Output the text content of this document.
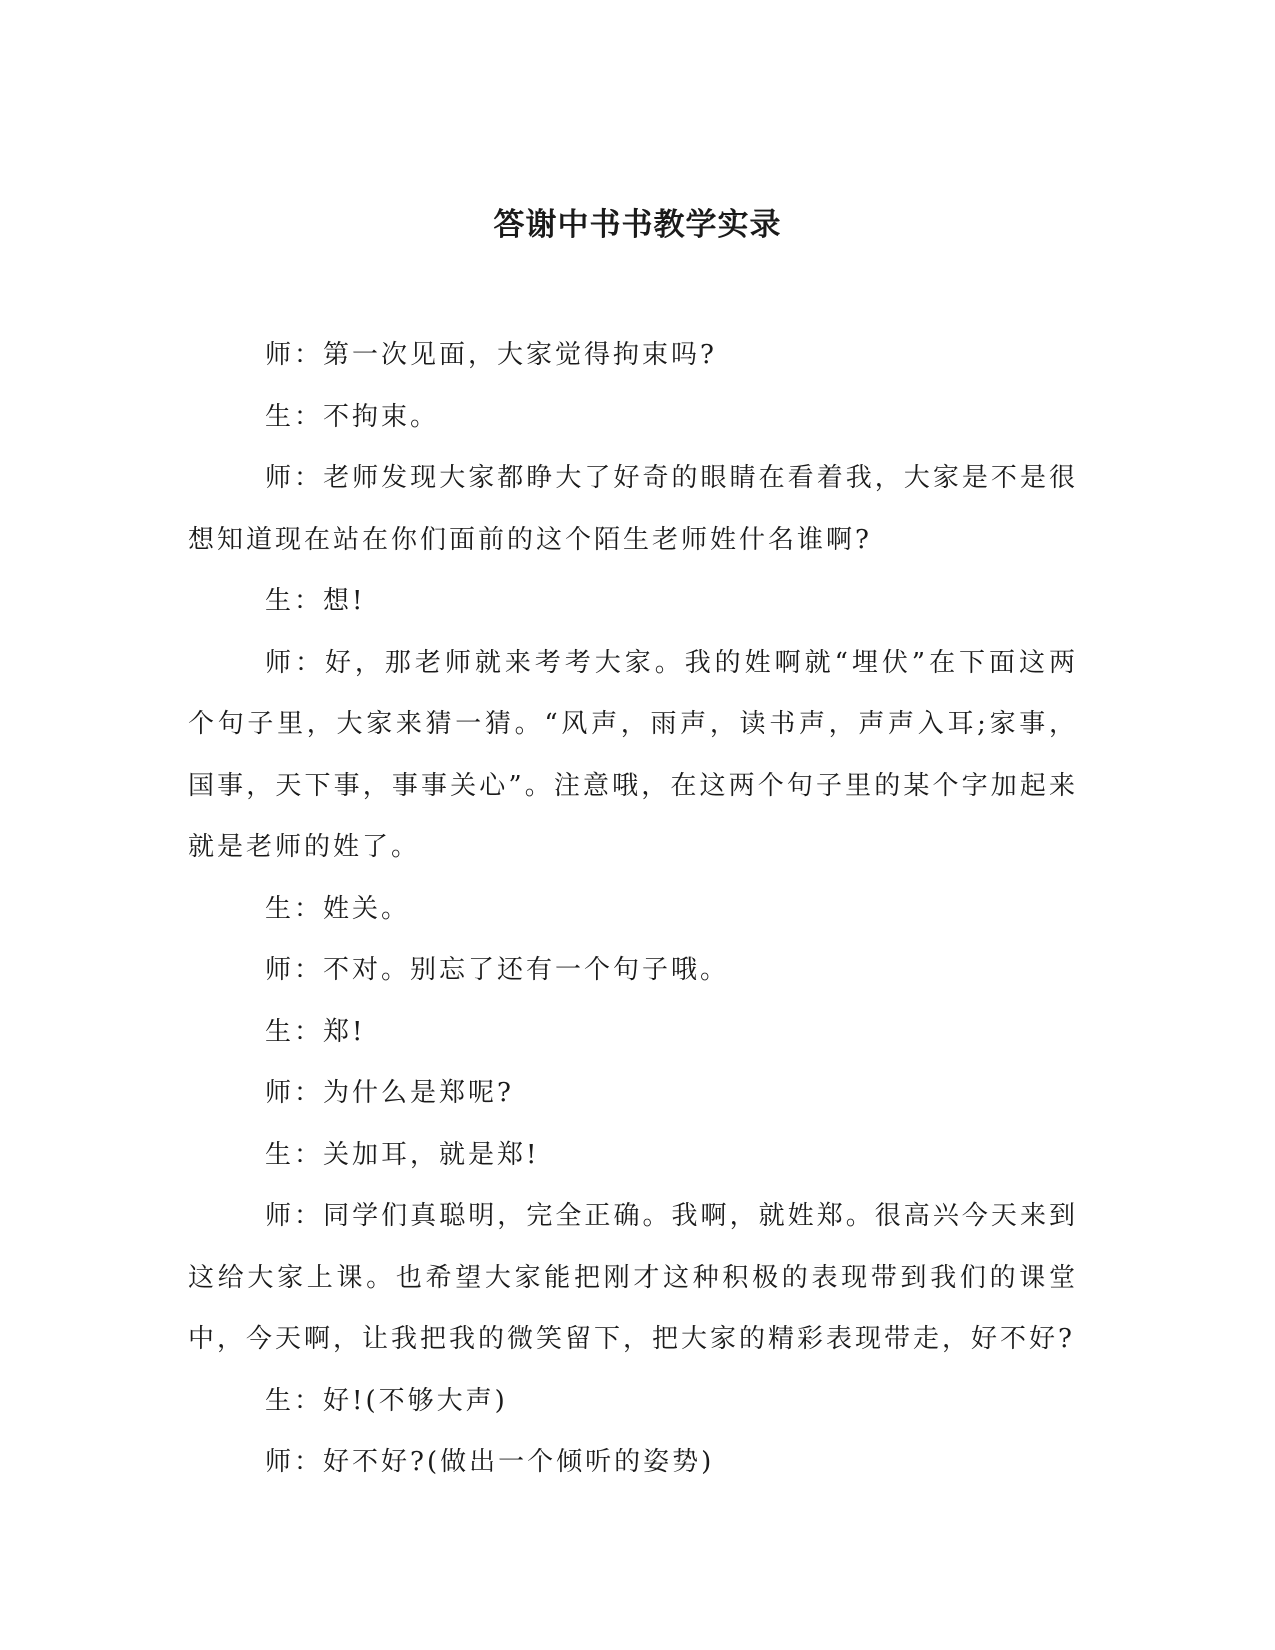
答谢中书书教学实录

师：第一次见面，大家觉得拘束吗?

生：不拘束。

师：老师发现大家都睁大了好奇的眼睛在看着我，大家是不是很想知道现在站在你们面前的这个陌生老师姓什名谁啊?

生：想!

师：好，那老师就来考考大家。我的姓啊就“埋伏”在下面这两个句子里，大家来猜一猜。“风声，雨声，读书声，声声入耳;家事，国事，天下事，事事关心”。注意哦，在这两个句子里的某个字加起来就是老师的姓了。

生：姓关。

师：不对。别忘了还有一个句子哦。

生：郑!

师：为什么是郑呢?

生：关加耳，就是郑!

师：同学们真聪明，完全正确。我啊，就姓郑。很高兴今天来到这给大家上课。也希望大家能把刚才这种积极的表现带到我们的课堂中，今天啊，让我把我的微笑留下，把大家的精彩表现带走，好不好?

生：好!(不够大声)

师：好不好?(做出一个倾听的姿势)
